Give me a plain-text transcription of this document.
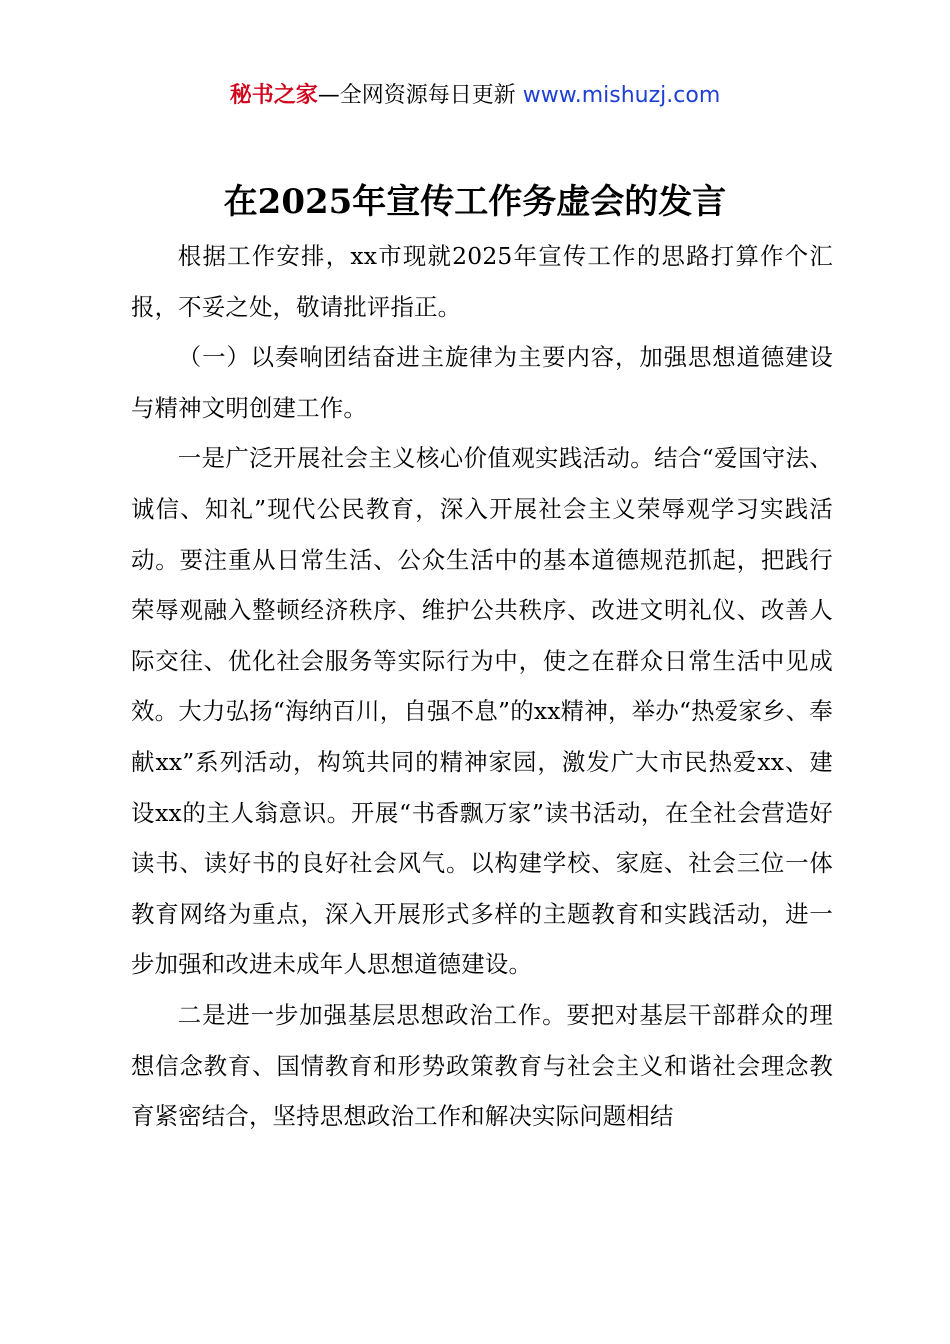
秘书之家—全网资源每日更新 www.mishuzj.com
在2025年宣传工作务虚会的发言

根据工作安排，xx市现就2025年宣传工作的思路打算作个汇报，不妥之处，敬请批评指正。

（一）以奏响团结奋进主旋律为主要内容，加强思想道德建设与精神文明创建工作。

一是广泛开展社会主义核心价值观实践活动。结合“爱国守法、诚信、知礼”现代公民教育，深入开展社会主义荣辱观学习实践活动。要注重从日常生活、公众生活中的基本道德规范抓起，把践行荣辱观融入整顿经济秩序、维护公共秩序、改进文明礼仪、改善人际交往、优化社会服务等实际行为中，使之在群众日常生活中见成效。大力弘扬“海纳百川，自强不息”的xx精神，举办“热爱家乡、奉献xx”系列活动，构筑共同的精神家园，激发广大市民热爱xx、建设xx的主人翁意识。开展“书香飘万家”读书活动，在全社会营造好读书、读好书的良好社会风气。以构建学校、家庭、社会三位一体教育网络为重点，深入开展形式多样的主题教育和实践活动，进一步加强和改进未成年人思想道德建设。

二是进一步加强基层思想政治工作。要把对基层干部群众的理想信念教育、国情教育和形势政策教育与社会主义和谐社会理念教育紧密结合，坚持思想政治工作和解决实际问题相结
